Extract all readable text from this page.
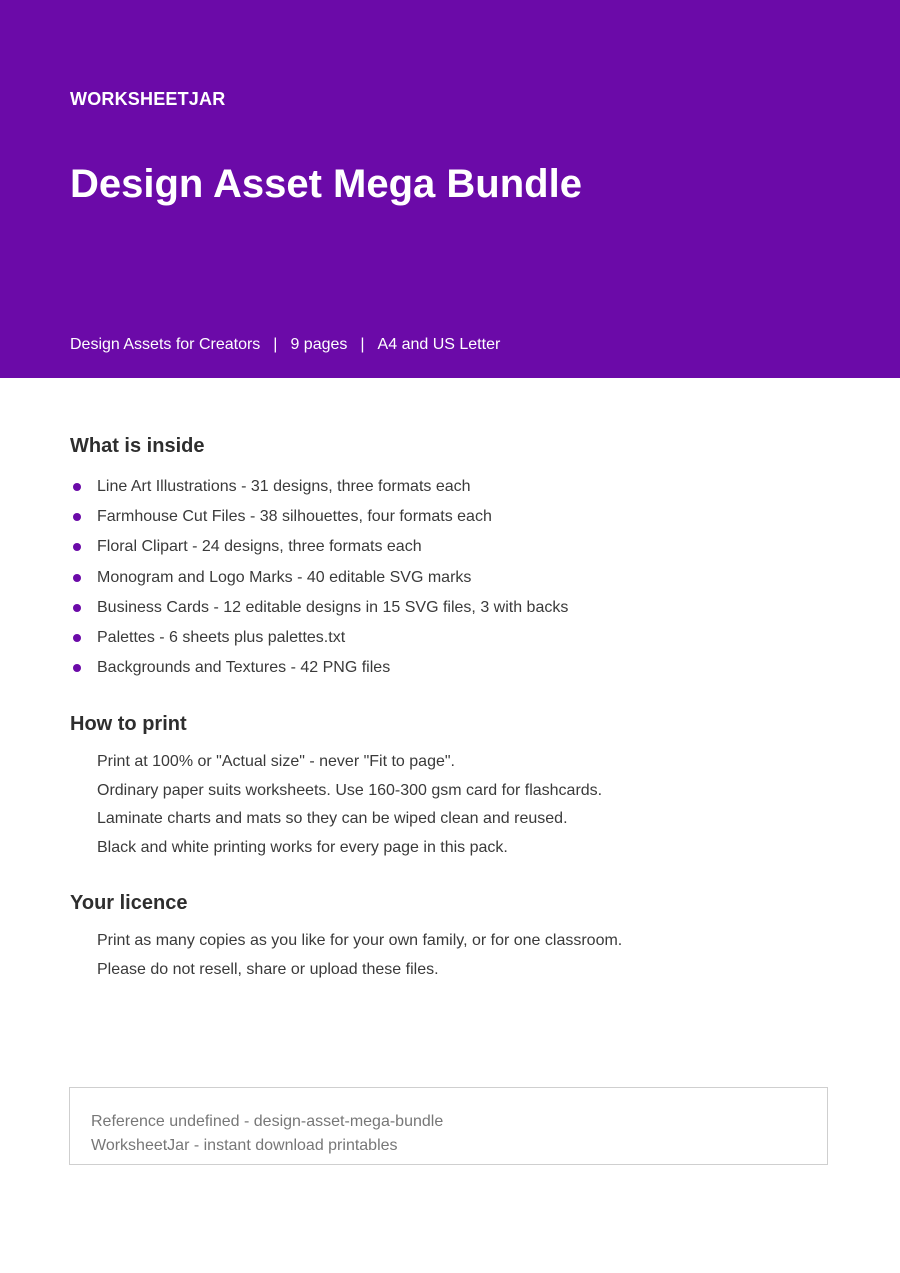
WORKSHEETJAR
Design Asset Mega Bundle
Design Assets for Creators | 9 pages | A4 and US Letter
What is inside
Line Art Illustrations - 31 designs, three formats each
Farmhouse Cut Files - 38 silhouettes, four formats each
Floral Clipart - 24 designs, three formats each
Monogram and Logo Marks - 40 editable SVG marks
Business Cards - 12 editable designs in 15 SVG files, 3 with backs
Palettes - 6 sheets plus palettes.txt
Backgrounds and Textures - 42 PNG files
How to print
Print at 100% or "Actual size" - never "Fit to page".
Ordinary paper suits worksheets. Use 160-300 gsm card for flashcards.
Laminate charts and mats so they can be wiped clean and reused.
Black and white printing works for every page in this pack.
Your licence
Print as many copies as you like for your own family, or for one classroom.
Please do not resell, share or upload these files.
Reference undefined - design-asset-mega-bundle
WorksheetJar - instant download printables
